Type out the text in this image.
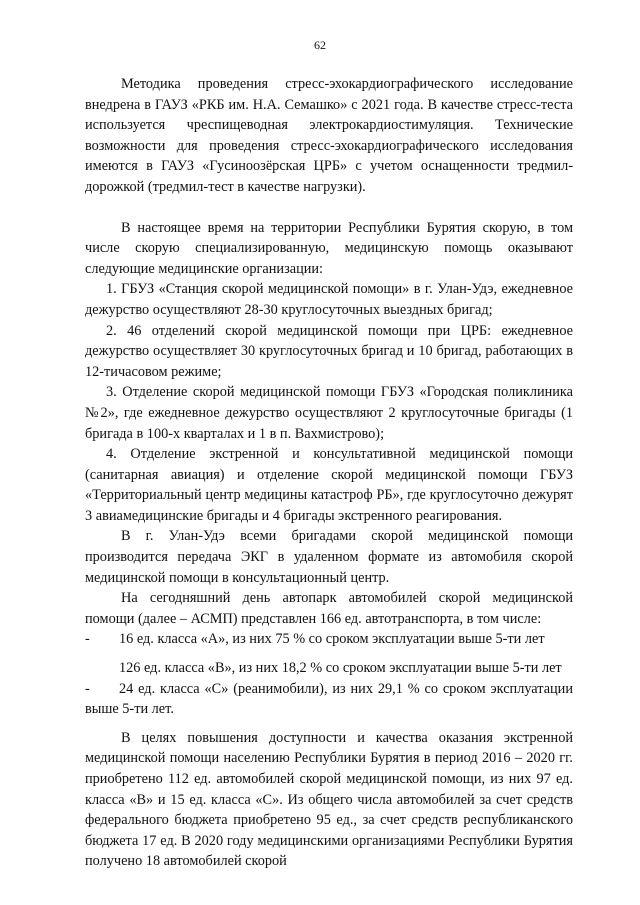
62

Методика проведения стресс-эхокардиографического исследование внедрена в ГАУЗ «РКБ им. Н.А. Семашко» с 2021 года. В качестве стресс-теста используется чреспищеводная электрокардиостимуляция. Технические возможности для проведения стресс-эхокардиографического исследования имеются в ГАУЗ «Гусиноозёрская ЦРБ» с учетом оснащенности тредмил-дорожкой (тредмил-тест в качестве нагрузки).

В настоящее время на территории Республики Бурятия скорую, в том числе скорую специализированную, медицинскую помощь оказывают следующие медицинские организации:

1. ГБУЗ «Станция скорой медицинской помощи» в г. Улан-Удэ, ежедневное дежурство осуществляют 28-30 круглосуточных выездных бригад;

2. 46 отделений скорой медицинской помощи при ЦРБ: ежедневное дежурство осуществляет 30 круглосуточных бригад и 10 бригад, работающих в 12-тичасовом режиме;

3. Отделение скорой медицинской помощи ГБУЗ «Городская поликлиника №2», где ежедневное дежурство осуществляют 2 круглосуточные бригады (1 бригада в 100-х кварталах и 1 в п. Вахмистрово);

4. Отделение экстренной и консультативной медицинской помощи (санитарная авиация) и отделение скорой медицинской помощи ГБУЗ «Территориальный центр медицины катастроф РБ», где круглосуточно дежурят 3 авиамедицинские бригады и 4 бригады экстренного реагирования.

В г. Улан-Удэ всеми бригадами скорой медицинской помощи производится передача ЭКГ в удаленном формате из автомобиля скорой медицинской помощи в консультационный центр.

На сегодняшний день автопарк автомобилей скорой медицинской помощи (далее – АСМП) представлен 166 ед. автотранспорта, в том числе:

- 16 ед. класса «А», из них 75 % со сроком эксплуатации выше 5-ти лет

126 ед. класса «В», из них 18,2 % со сроком эксплуатации выше 5-ти лет

- 24 ед. класса «С» (реанимобили), из них 29,1 % со сроком эксплуатации выше 5-ти лет.

В целях повышения доступности и качества оказания экстренной медицинской помощи населению Республики Бурятия в период 2016 – 2020 гг. приобретено 112 ед. автомобилей скорой медицинской помощи, из них 97 ед. класса «В» и 15 ед. класса «С». Из общего числа автомобилей за счет средств федерального бюджета приобретено 95 ед., за счет средств республиканского бюджета 17 ед. В 2020 году медицинскими организациями Республики Бурятия получено 18 автомобилей скорой
